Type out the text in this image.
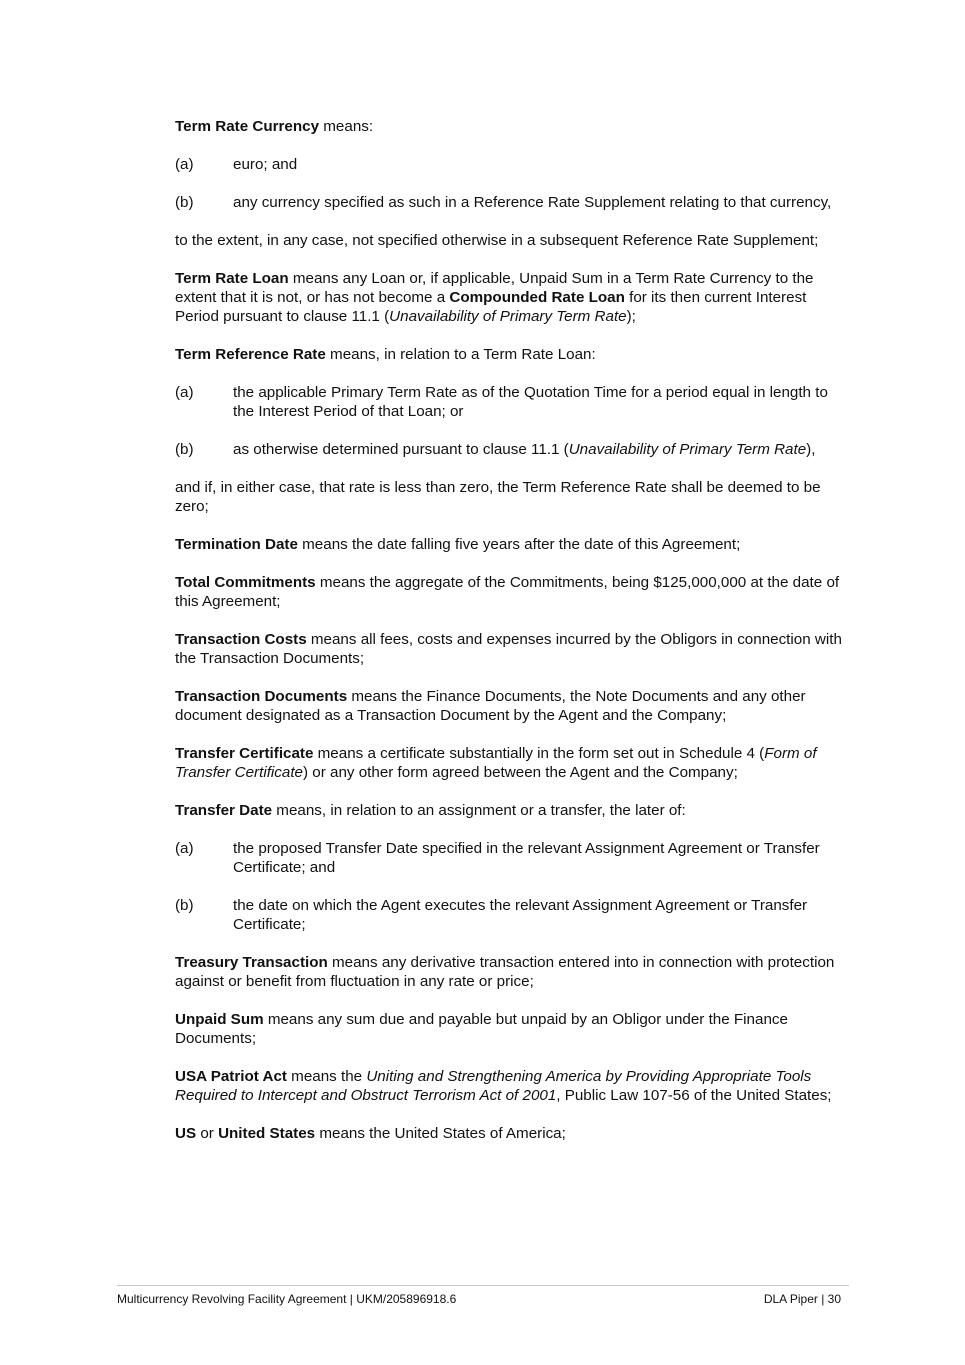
Term Rate Currency means:

(a)	euro; and
(b)	any currency specified as such in a Reference Rate Supplement relating to that currency,

to the extent, in any case, not specified otherwise in a subsequent Reference Rate Supplement;

Term Rate Loan means any Loan or, if applicable, Unpaid Sum in a Term Rate Currency to the extent that it is not, or has not become a Compounded Rate Loan for its then current Interest Period pursuant to clause 11.1 (Unavailability of Primary Term Rate);

Term Reference Rate means, in relation to a Term Rate Loan:

(a)	the applicable Primary Term Rate as of the Quotation Time for a period equal in length to the Interest Period of that Loan; or
(b)	as otherwise determined pursuant to clause 11.1 (Unavailability of Primary Term Rate),

and if, in either case, that rate is less than zero, the Term Reference Rate shall be deemed to be zero;

Termination Date means the date falling five years after the date of this Agreement;

Total Commitments means the aggregate of the Commitments, being $125,000,000 at the date of this Agreement;

Transaction Costs means all fees, costs and expenses incurred by the Obligors in connection with the Transaction Documents;

Transaction Documents means the Finance Documents, the Note Documents and any other document designated as a Transaction Document by the Agent and the Company;

Transfer Certificate means a certificate substantially in the form set out in Schedule 4 (Form of Transfer Certificate) or any other form agreed between the Agent and the Company;

Transfer Date means, in relation to an assignment or a transfer, the later of:

(a)	the proposed Transfer Date specified in the relevant Assignment Agreement or Transfer Certificate; and
(b)	the date on which the Agent executes the relevant Assignment Agreement or Transfer Certificate;

Treasury Transaction means any derivative transaction entered into in connection with protection against or benefit from fluctuation in any rate or price;

Unpaid Sum means any sum due and payable but unpaid by an Obligor under the Finance Documents;

USA Patriot Act means the Uniting and Strengthening America by Providing Appropriate Tools Required to Intercept and Obstruct Terrorism Act of 2001, Public Law 107-56 of the United States;

US or United States means the United States of America;

Multicurrency Revolving Facility Agreement | UKM/205896918.6	DLA Piper | 30
